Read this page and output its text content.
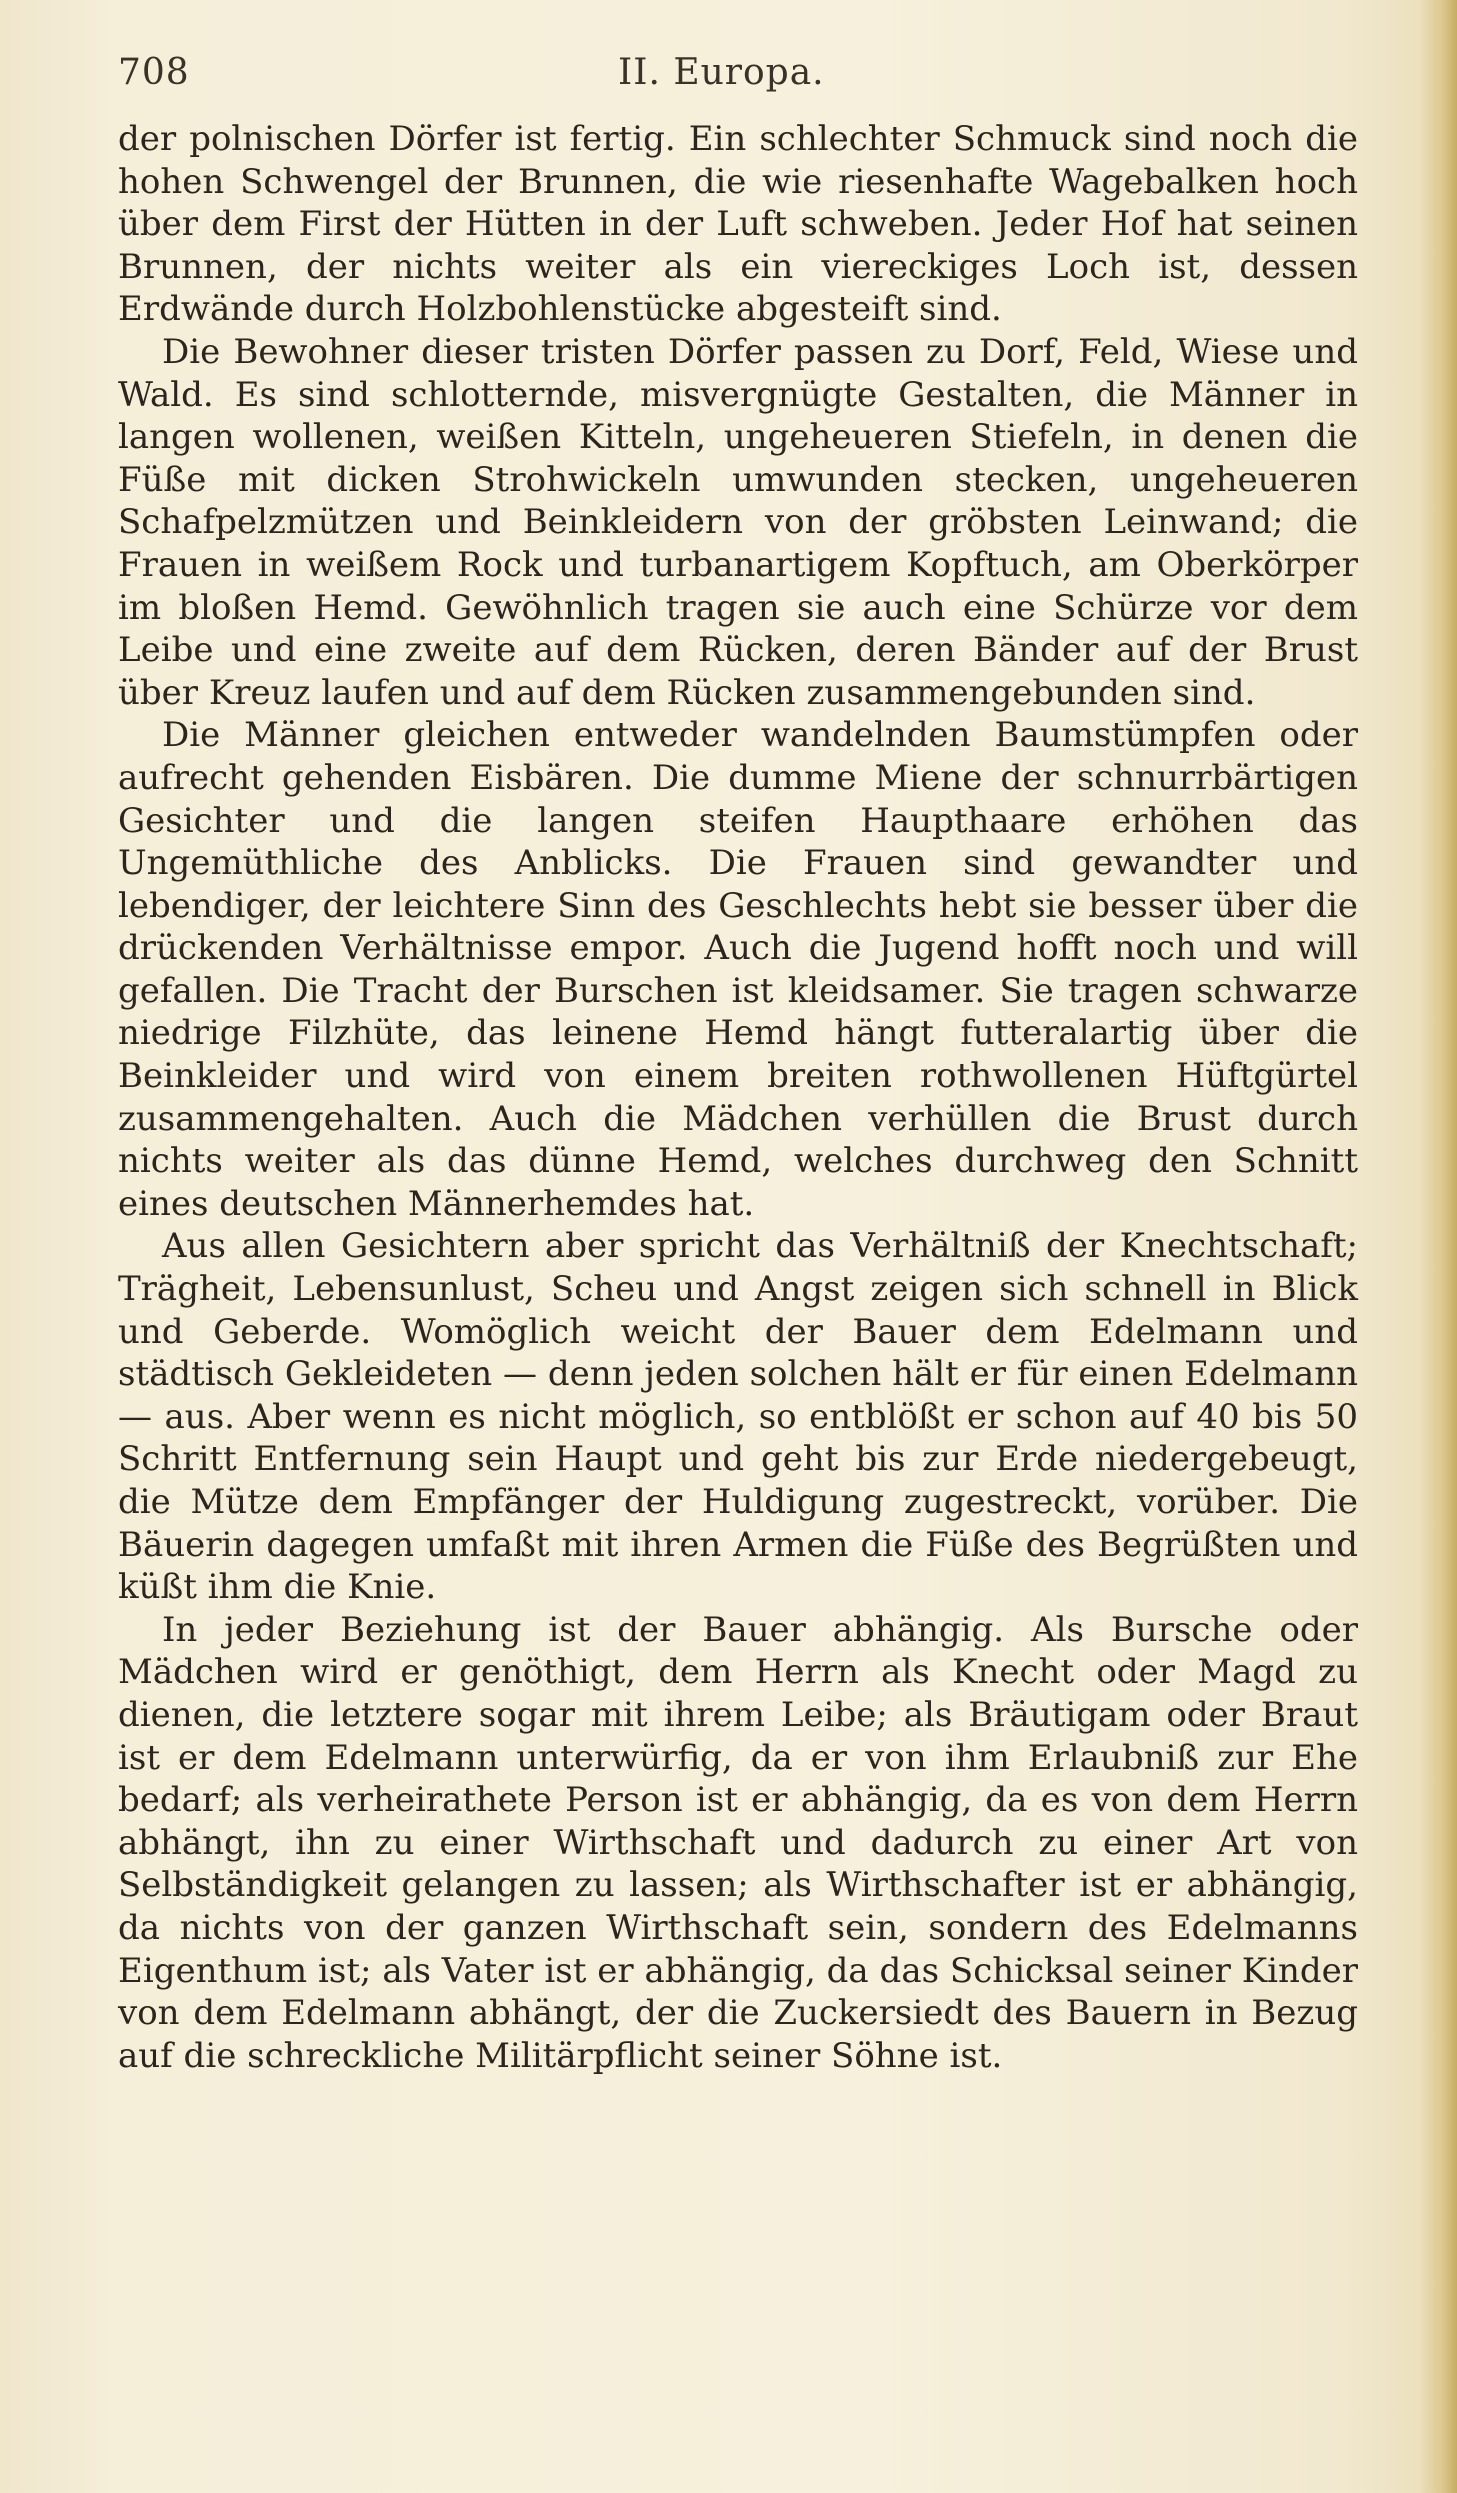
708	II. Europa.

der polnischen Dörfer ist fertig. Ein schlechter Schmuck sind noch die hohen Schwengel der Brunnen, die wie riesenhafte Wagebalken hoch über dem First der Hütten in der Luft schweben. Jeder Hof hat seinen Brunnen, der nichts weiter als ein viereckiges Loch ist, dessen Erdwände durch Holzbohlenstücke abgesteift sind.

Die Bewohner dieser tristen Dörfer passen zu Dorf, Feld, Wiese und Wald. Es sind schlotternde, misvergnügte Gestalten, die Männer in langen wollenen, weißen Kitteln, ungeheueren Stiefeln, in denen die Füße mit dicken Strohwickeln umwunden stecken, ungeheueren Schafpelzmützen und Beinkleidern von der gröbsten Leinwand; die Frauen in weißem Rock und turbanartigem Kopftuch, am Oberkörper im bloßen Hemd. Gewöhnlich tragen sie auch eine Schürze vor dem Leibe und eine zweite auf dem Rücken, deren Bänder auf der Brust über Kreuz laufen und auf dem Rücken zusammengebunden sind.

Die Männer gleichen entweder wandelnden Baumstümpfen oder aufrecht gehenden Eisbären. Die dumme Miene der schnurrbärtigen Gesichter und die langen steifen Haupthaare erhöhen das Ungemüthliche des Anblicks. Die Frauen sind gewandter und lebendiger, der leichtere Sinn des Geschlechts hebt sie besser über die drückenden Verhältnisse empor. Auch die Jugend hofft noch und will gefallen. Die Tracht der Burschen ist kleidsamer. Sie tragen schwarze niedrige Filzhüte, das leinene Hemd hängt futteralartig über die Beinkleider und wird von einem breiten rothwollenen Hüftgürtel zusammengehalten. Auch die Mädchen verhüllen die Brust durch nichts weiter als das dünne Hemd, welches durchweg den Schnitt eines deutschen Männerhemdes hat.

Aus allen Gesichtern aber spricht das Verhältniß der Knechtschaft; Trägheit, Lebensunlust, Scheu und Angst zeigen sich schnell in Blick und Geberde. Womöglich weicht der Bauer dem Edelmann und städtisch Gekleideten — denn jeden solchen hält er für einen Edelmann — aus. Aber wenn es nicht möglich, so entblößt er schon auf 40 bis 50 Schritt Entfernung sein Haupt und geht bis zur Erde niedergebeugt, die Mütze dem Empfänger der Huldigung zugestreckt, vorüber. Die Bäuerin dagegen umfaßt mit ihren Armen die Füße des Begrüßten und küßt ihm die Knie.

In jeder Beziehung ist der Bauer abhängig. Als Bursche oder Mädchen wird er genöthigt, dem Herrn als Knecht oder Magd zu dienen, die letztere sogar mit ihrem Leibe; als Bräutigam oder Braut ist er dem Edelmann unterwürfig, da er von ihm Erlaubniß zur Ehe bedarf; als verheirathete Person ist er abhängig, da es von dem Herrn abhängt, ihn zu einer Wirthschaft und dadurch zu einer Art von Selbständigkeit gelangen zu lassen; als Wirthschafter ist er abhängig, da nichts von der ganzen Wirthschaft sein, sondern des Edelmanns Eigenthum ist; als Vater ist er abhängig, da das Schicksal seiner Kinder von dem Edelmann abhängt, der die Zuckersiedt des Bauern in Bezug auf die schreckliche Militärpflicht seiner Söhne ist.
